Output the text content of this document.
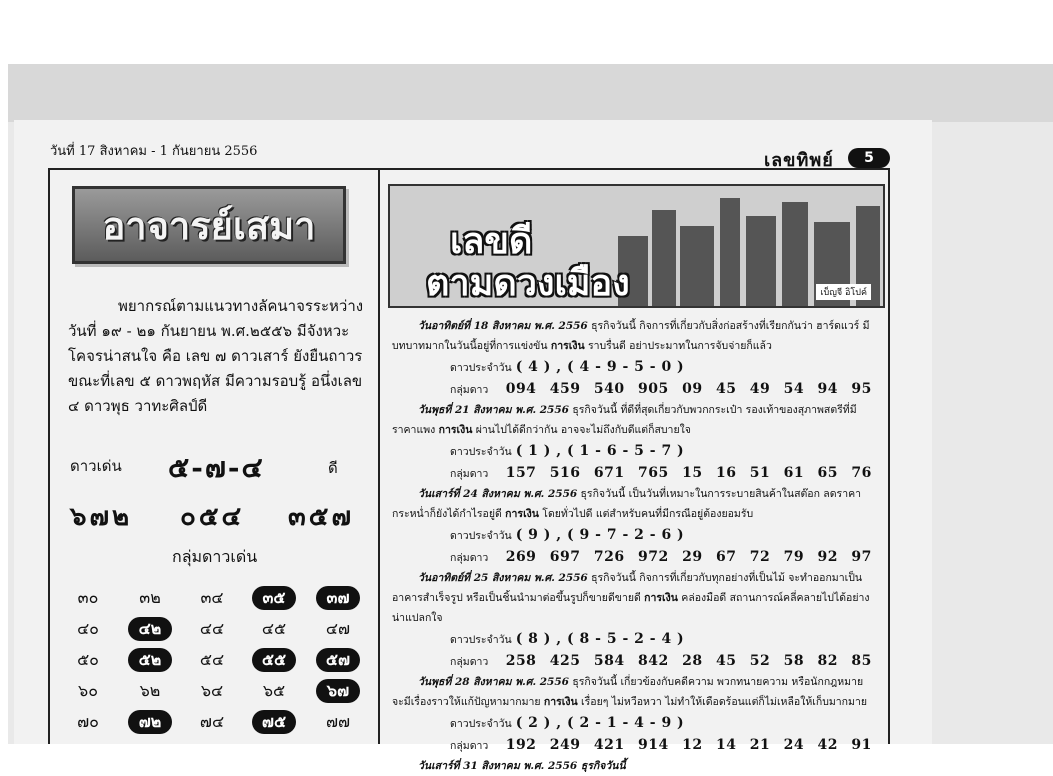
วันที่ 17 สิงหาคม - 1 กันยายน 2556	เลขทิพย์	5
อาจารย์เสมา
พยากรณ์ตามแนวทางลัคนาจรระหว่างวันที่ ๑๙ - ๒๑ กันยายน พ.ศ.๒๕๕๖ มีจังหวะโคจรน่าสนใจ คือ เลข ๗ ดาวเสาร์ ยังยืนถาวร ขณะที่เลข ๕ ดาวพฤหัส มีความรอบรู้ อนึ่งเลข ๔ ดาวพุธ วาทะศิลป์ดี
ดาวเด่น ๕-๗-๔	ดี
๖๗๒ ๐๕๔ ๓๕๗
กลุ่มดาวเด่น
๓๐	๓๒	๓๔	๓๕	๓๗
๔๐	๔๒	๔๔	๔๕	๔๗
๕๐	๕๒	๕๔	๕๕	๕๗
๖๐	๖๒	๖๔	๖๕	๖๗
๗๐	๗๒	๗๔	๗๕	๗๗
เลขดี
ตามดวงเมือง	เบ็ญจี อิโปค์

วันอาทิตย์ที่ 18 สิงหาคม พ.ศ. 2556 ธุรกิจวันนี้ กิจการที่เกี่ยวกับสิ่งก่อสร้างที่เรียกกันว่า ฮาร์ดแวร์ มีบทบาทมากในวันนี้อยู่ที่การแข่งขัน การเงิน ราบรื่นดี อย่าประมาทในการจับจ่ายก็แล้ว

ดาวประจำวัน ( 4 ) , ( 4 - 9 - 5 - 0 )
กลุ่มดาว 094 459 540 905 09 45 49 54 94 95

วันพุธที่ 21 สิงหาคม พ.ศ. 2556 ธุรกิจวันนี้ ที่ดีที่สุดเกี่ยวกับพวกกระเป๋า รองเท้าของสุภาพสตรีที่มีราคาแพง การเงิน ผ่านไปได้ดีกว่ากัน อาจจะไม่ถึงกับดีแต่ก็สบายใจ

ดาวประจำวัน ( 1 ) , ( 1 - 6 - 5 - 7 )
กลุ่มดาว 157 516 671 765 15 16 51 61 65 76

วันเสาร์ที่ 24 สิงหาคม พ.ศ. 2556 ธุรกิจวันนี้ เป็นวันที่เหมาะในการระบายสินค้าในสต๊อก ลดราคากระหน่ำก็ยังได้กำไรอยู่ดี การเงิน โดยทั่วไปดี แต่สำหรับคนที่มีกรณีอยู่ต้องยอมรับ

ดาวประจำวัน ( 9 ) , ( 9 - 7 - 2 - 6 )
กลุ่มดาว 269 697 726 972 29 67 72 79 92 97

วันอาทิตย์ที่ 25 สิงหาคม พ.ศ. 2556 ธุรกิจวันนี้ กิจการที่เกี่ยวกับทุกอย่างที่เป็นไม้ จะทำออกมาเป็นอาคารสำเร็จรูป หรือเป็นชิ้นนำมาต่อขึ้นรูปก็ขายดีขายดี การเงิน คล่องมือดี สถานการณ์คลี่คลายไปได้อย่างน่าแปลกใจ

ดาวประจำวัน ( 8 ) , ( 8 - 5 - 2 - 4 )
กลุ่มดาว 258 425 584 842 28 45 52 58 82 85

วันพุธที่ 28 สิงหาคม พ.ศ. 2556 ธุรกิจวันนี้ เกี่ยวข้องกับคดีความ พวกทนายความ หรือนักกฎหมาย จะมีเรื่องราวให้แก้ปัญหามากมาย การเงิน เรื่อยๆ ไม่หวือหวา ไม่ทำให้เดือดร้อนแต่ก็ไม่เหลือให้เก็บมากมาย

ดาวประจำวัน ( 2 ) , ( 2 - 1 - 4 - 9 )
กลุ่มดาว 192 249 421 914 12 14 21 24 42 91

วันเสาร์ที่ 31 สิงหาคม พ.ศ. 2556 ธุรกิจวันนี้
